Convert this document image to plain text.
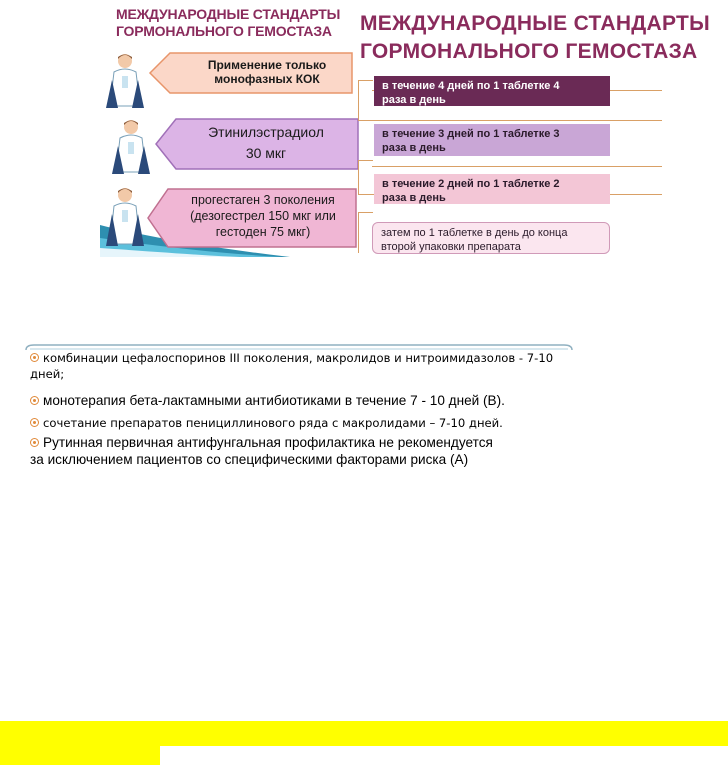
МЕЖДУНАРОДНЫЕ СТАНДАРТЫ
ГОРМОНАЛЬНОГО ГЕМОСТАЗА	МЕЖДУНАРОДНЫЕ СТАНДАРТЫ
ГОРМОНАЛЬНОГО ГЕМОСТАЗА
Применение только
монофазных КОК
Этинилэстрадиол
30 мкг
прогестаген 3 поколения
(дезогестрел 150 мкг или
гестоден 75 мкг)
в течение 4 дней по 1 таблетке 4
раза в день
в течение 3 дней по 1 таблетке 3
раза в день
в течение 2 дней по 1 таблетке 2
раза в день
затем по 1 таблетке в день до конца
второй упаковки препарата
комбинации цефалоспоринов III поколения, макролидов и нитроимидазолов - 7-10 дней;
монотерапия бета-лактамными антибиотиками в течение 7 - 10 дней (В).
сочетание препаратов пенициллинового ряда с макролидами – 7-10 дней.
Рутинная первичная антифунгальная профилактика не рекомендуется
за исключением пациентов со специфическими факторами риска (А)
